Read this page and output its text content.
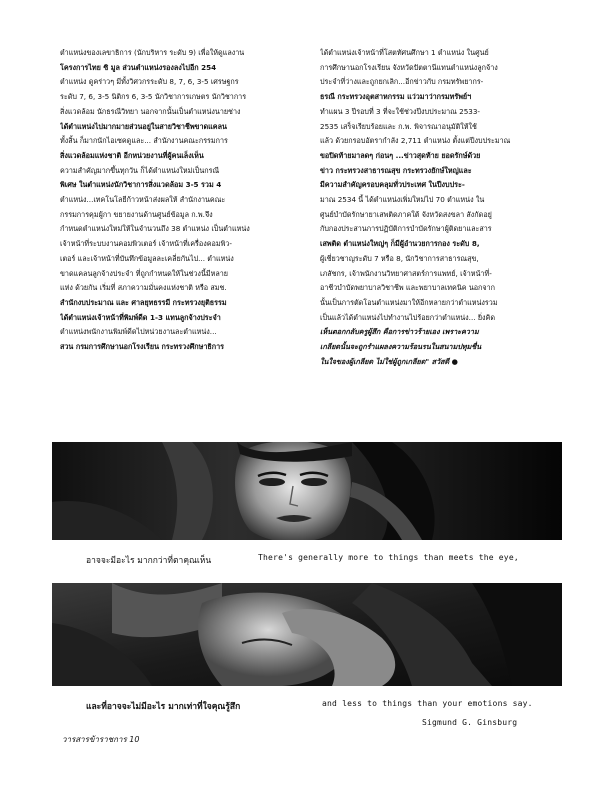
ตำแหน่งของเลขาธิการ (นักบริหาร ระดับ 9) เพื่อให้ดูแลงาน

โครงการไทย ซิ มูล ส่วนตำแหน่งรองลงไปอีก 254

ตำแหน่ง ดูคร่าวๆ มีทั้งวิศวกรระดับ 8, 7, 6, 3-5 เศรษฐกร

ระดับ 7, 6, 3-5 นิติกร 6, 3-5 นักวิชาการเกษตร นักวิชาการ

สิ่งแวดล้อม นักธรณีวิทยา นอกจากนั้นเป็นตำแหน่งนายช่าง

ได้ตำแหน่งไปมากมายส่วนอยู่ในสายวิชาชีพขาดแคลน

ทั้งสิ้น ก็มากนักไอเซคดูและ... สำนักงานคณะกรรมการ

สิ่งแวดล้อมแห่งชาติ อีกหน่วยงานที่ผู้คนเล็งเห็น

ความสำคัญมากขึ้นทุกวัน ก็ได้ตำแหน่งใหม่เป็นกรณี

พิเศษ ในตำแหน่งนักวิชาการสิ่งแวดล้อม 3-5 รวม 4

ตำแหน่ง...เทคโนโลยีก้าวหน้าส่งผลให้ สำนักงานคณะ

กรรมการคุมผู้กา ขยายงานด้านศูนย์ข้อมูล ก.พ.จึง

กำหนดตำแหน่งใหม่ให้ในจำนวนถึง 38 ตำแหน่ง เป็นตำแหน่ง

เจ้าหน้าที่ระบบงานคอมพิวเตอร์ เจ้าหน้าที่เครื่องคอมพิว-

เตอร์ และเจ้าหน้าที่บันทึกข้อมูลละเคลี่ยกันไป... ตำแหน่ง

ขาดแคลนลูกจ้างประจำ ที่ถูกกำหนดให้ในช่วงนี้มีหลาย

แห่ง ด้วยกัน เริ่มที่ สภาความมั่นคงแห่งชาติ หรือ สมช.

สำนักงบประมาณ และ ศาลยุทธรรมี กระทรวงยุติธรรม

ได้ตำแหน่งเจ้าหน้าที่พิมพ์ดีด 1-3 แทนลูกจ้างประจำ

ตำแหน่งพนักงานพิมพ์ดีดไปหน่วยงานละตำแหน่ง...

สวน กรมการศึกษานอกโรงเรียน กระทรวงศึกษาธิการ

ได้ตำแหน่งเจ้าหน้าที่โสตทัศนศึกษา 1 ตำแหน่ง ในศูนย์

การศึกษานอกโรงเรียน จังหวัดปัตตานีแทนตำแหน่งลูกจ้าง

ประจำที่ว่างและถูกยกเลิก...อีกข่าวกับ กรมทรัพยากร-

ธรณี กระทรวงอุตสาหกรรม แว่วมาว่ากรมทรัพย์ฯ

ทำแผน 3 ปีรอบที่ 3 ที่จะใช้ช่วงปีงบประมาณ 2533-

2535 เสร็จเรียบร้อยและ ก.พ. พิจารณาอนุมัติให้ใช้

แล้ว ด้วยกรอบอัตรากำลัง 2,711 ตำแหน่ง ตั้งแต่ปีงบประมาณ

ขอปิดท้ายมาลดๆ ก่อนๆ ...ข่าวสุดท้าย ยอดรักษ์ด้วย

ข่าว กระทรวงสาธารณสุข กระทรวงยักษ์ใหญ่และ

มีความสำคัญครอบคลุมทั่วประเทศ ในปีงบประ-

มาณ 2534 นี้ ได้ตำแหน่งเพิ่มใหม่ไป 70 ตำแหน่ง ใน

ศูนย์บำบัดรักษายาเสพติดภาคใต้ จังหวัดสงขลา สังกัดอยู่

กับกองประสานการปฏิบัติการบำบัดรักษาผู้ติดยาและสาร

เสพติด ตำแหน่งใหญ่ๆ ก็มีผู้อำนวยการกอง ระดับ 8,

ผู้เชี่ยวชาญระดับ 7 หรือ 8, นักวิชาการสาธารณสุข,

เภสัชกร, เจ้าพนักงานวิทยาศาสตร์การแพทย์, เจ้าหน้าที่-

อาชีวบำบัดพยาบาลวิชาชีพ และพยาบาลเทคนิค นอกจาก

นั้นเป็นการตัดโอนตำแหน่งมาให้อีกหลายกว่าตำแหน่งรวม

เป็นแล้วได้ตำแหน่งไปทำงานไปร้อยกว่าตำแหน่ง... ยิ่งคิด

เห็นตอกกลับครูผู้สึก คือการข่าวร้ายเอง เพราะความ

เกลียดนั้นจะถูกรำแผลงความร้อนรนในสนามปทุมชื่น

ในใจของผู้เกลียด ไม่ใช่ผู้ถูกเกลียด" สวัสดี ●

อาจจะมีอะไร มากกว่าที่ตาคุณเห็น	There's generally more to things than meets the eye,
และที่อาจจะไม่มีอะไร มากเท่าที่ใจคุณรู้สึก	and less to things than your emotions say.
Sigmund G. Ginsburg
วารสารข้าราชการ 10
